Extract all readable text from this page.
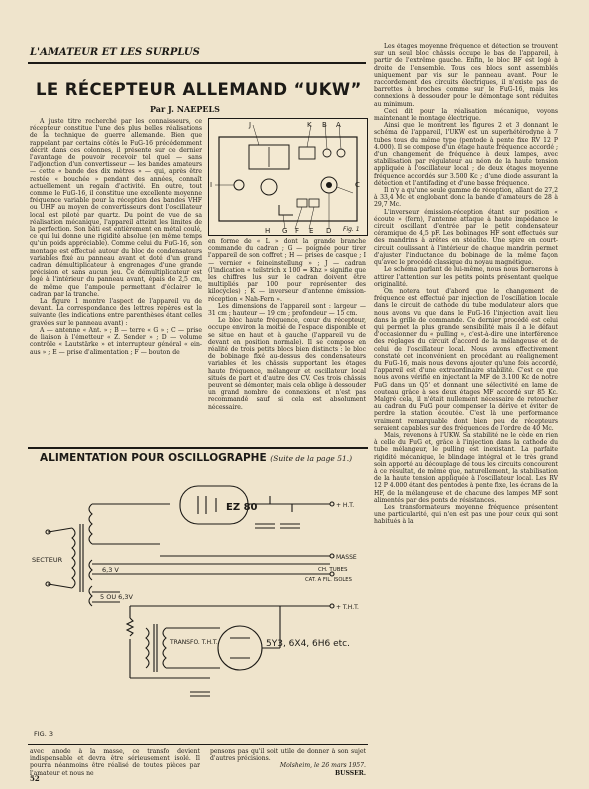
L'AMATEUR ET LES SURPLUS
LE RÉCEPTEUR ALLEMAND “UKW”
Par J. NAEPELS

A juste titre recherché par les connaisseurs, ce récepteur constitue l'une des plus belles réalisations de la technique de guerre allemande. Bien que rappelant par certains côtés le FuG-16 précédemment décrit dans ces colonnes, il présente sur ce dernier l'avantage de pouvoir recevoir tel quel — sans l'adjonction d'un convertisseur — les bandes amateurs — cette « bande des dix mètres » — qui, après être restée « bouchée » pendant des années, connaît actuellement un regain d'activité. En outre, tout comme le FuG-16, il constitue une excellente moyenne fréquence variable pour la réception des bandes VHF ou UHF au moyen de convertisseurs dont l'oscillateur local est piloté par quartz. Du point de vue de sa réalisation mécanique, l'appareil atteint les limites de la perfection. Son bâti est entièrement en métal coulé, ce qui lui donne une rigidité absolue (en même temps qu'un poids appréciable). Comme celui du FuG-16, son montage est effectué autour du bloc de condensateurs variables fixé au panneau avant et doté d'un grand cadran démultiplicateur à engrenages d'une grande précision et sans aucun jeu. Ce démultiplicateur est logé à l'intérieur du panneau avant, épais de 2,5 cm, de même que l'ampoule permettant d'éclairer le cadran par la tranche.

La figure 1 montre l'aspect de l'appareil vu de devant. La correspondance des lettres repères est la suivante (les indications entre parenthèses étant celles gravées sur le panneau avant) :

A — antenne « Ant. » ; B — terre « G » ; C — prise de liaison à l'émetteur « Z. Sender » ; D — volume contrôle « Lautstärke » et interrupteur général « ein-aus » ; E — prise d'alimentation ; F — bouton de

J	K B A
C
D
I
H G F E	Fig. 1

en forme de « L » dont la grande branche commande du cadran ; G — poignée pour tirer l'appareil de son coffret ; H — prises de casque ; I — vernier « feineinstellung » ; J — cadran (l'indication « teilstrich x 100 = Khz » signifie que les chiffres lus sur le cadran doivent être multipliés par 100 pour représenter des kilocycles) ; K — inverseur d'antenne émission-réception « Nah-Fern ».

Les dimensions de l'appareil sont : largeur — 31 cm ; hauteur — 19 cm ; profondeur — 15 cm.

Le bloc haute fréquence, cœur du récepteur, occupe environ la moitié de l'espace disponible et se situe en haut et à gauche (l'appareil vu de devant en position normale). Il se compose en réalité de trois petits blocs bien distincts : le bloc de bobinage fixé au-dessus des condensateurs variables et les châssis supportant les étages haute fréquence, mélangeur et oscillateur local situés de part et d'autre des CV. Ces trois châssis peuvent se démonter, mais cela oblige à dessouder un grand nombre de connexions et n'est pas recommandé sauf si cela est absolument nécessaire.

Les étages moyenne fréquence et détection se trouvent sur un seul bloc châssis occupe le bas de l'appareil, à partir de l'extrême gauche. Enfin, le bloc BF est logé à droite de l'ensemble. Tous ces blocs sont assemblés uniquement par vis sur le panneau avant. Pour le raccordement des circuits électriques, il n'existe pas de barrettes à broches comme sur le FuG-16, mais les connexions à dessouder pour le démontage sont réduites au minimum.

Ceci dit pour la réalisation mécanique, voyons maintenant le montage électrique.

Ainsi que le montrent les figures 2 et 3 donnant le schéma de l'appareil, l'UKW est un superhétérodyne à 7 tubes tous du même type (pentode à pente fixe RV 12 P 4.000). Il se compose d'un étage haute fréquence accordé ; d'un changement de fréquence à deux lampes, avec stabilisation par régulateur au néon de la haute tension appliquée à l'oscillateur local ; de deux étages moyenne fréquence accordés sur 3.500 Kc ; d'une diode assurant la détection et l'antifading et d'une basse fréquence.

Il n'y a qu'une seule gamme de réception, allant de 27,2 à 33,4 Mc et englobant donc la bande d'amateurs de 28 à 29,7 Mc.

L'inverseur émission-réception étant sur position « écoute » (fern), l'antenne attaque à haute impédance le circuit oscillant d'entrée par le petit condensateur céramique de 4,5 pF. Les bobinages HF sont effectués sur des mandrins à arêtes en stéatite. Une spire en court-circuit coulissant à l'intérieur de chaque mandrin permet d'ajuster l'inductance du bobinage de la même façon qu'avec le procédé classique du noyau magnétique.

Le schéma parlant de lui-même, nous nous bornerons à attirer l'attention sur les petits points présentant quelque originalité.

On notera tout d'abord que le changement de fréquence est effectué par injection de l'oscillation locale dans le circuit de cathode du tube modulateur alors que nous avons vu que dans le FuG-16 l'injection avait lieu dans la grille de commande. Ce dernier procédé est celui qui permet la plus grande sensibilité mais il a le défaut d'occasionner du « pulling », c'est-à-dire une interférence des réglages du circuit d'accord de la mélangeuse et de celui de l'oscillateur local. Nous avons effectivement constaté cet inconvénient en procédant au réalignement du FuG-16, mais nous devons ajouter qu'une fois accordé, l'appareil est d'une extraordinaire stabilité. C'est ce que nous avons vérifié en injectant la MF de 3.100 Kc de notre FuG dans un Q5' et donnant une sélectivité en lame de couteau grâce à ses deux étages MF accordé sur 85 Kc. Malgré cela, il n'était nullement nécessaire de retoucher au cadran du FuG pour compenser la dérive et éviter de perdre la station écoutée. C'est là une performance vraiment remarquable dont bien peu de récepteurs seraient capables sur des fréquences de l'ordre de 40 Mc.

Mais, revenons à l'UKW. Sa stabilité ne le cède en rien à celle du FuG et, grâce à l'injection dans la cathode du tube mélangeur, le pulling est inexistant. La parfaite rigidité mécanique, le blindage intégral et le très grand soin apporté au découplage de tous les circuits concourent à ce résultat, de même que, naturellement, la stabilisation de la haute tension appliquée à l'oscillateur local. Les RV 12 P 4.000 étant des pentodes à pente fixe, les écrans de la HF, de la mélangeuse et de chacune des lampes MF sont alimentés par des ponts de résistances.

Les transformateurs moyenne fréquence présentent une particularité, qui n'en est pas une pour ceux qui sont habitués à la

ALIMENTATION POUR OSCILLOGRAPHE (Suite de la page 51.)
SECTEUR
EZ 80	+ H.T.
MASSE
CH. TUBES
CAT. A FIL. ISOLES
+ T.H.T.
6,3 V
5 OU 6,3V
TRANSFO. T.H.T.	5Y3, 6X4, 6H6 etc.
FIG. 3

avec anode à la masse, ce transfo devient indispensable et devra être sérieusement isolé. Il pourra néanmoins être réalisé de toutes pièces par l'amateur et nous ne

pensons pas qu'il soit utile de donner à son sujet d'autres précisions.

Molsheim, le 26 mars 1957.

BUSSER.

52
